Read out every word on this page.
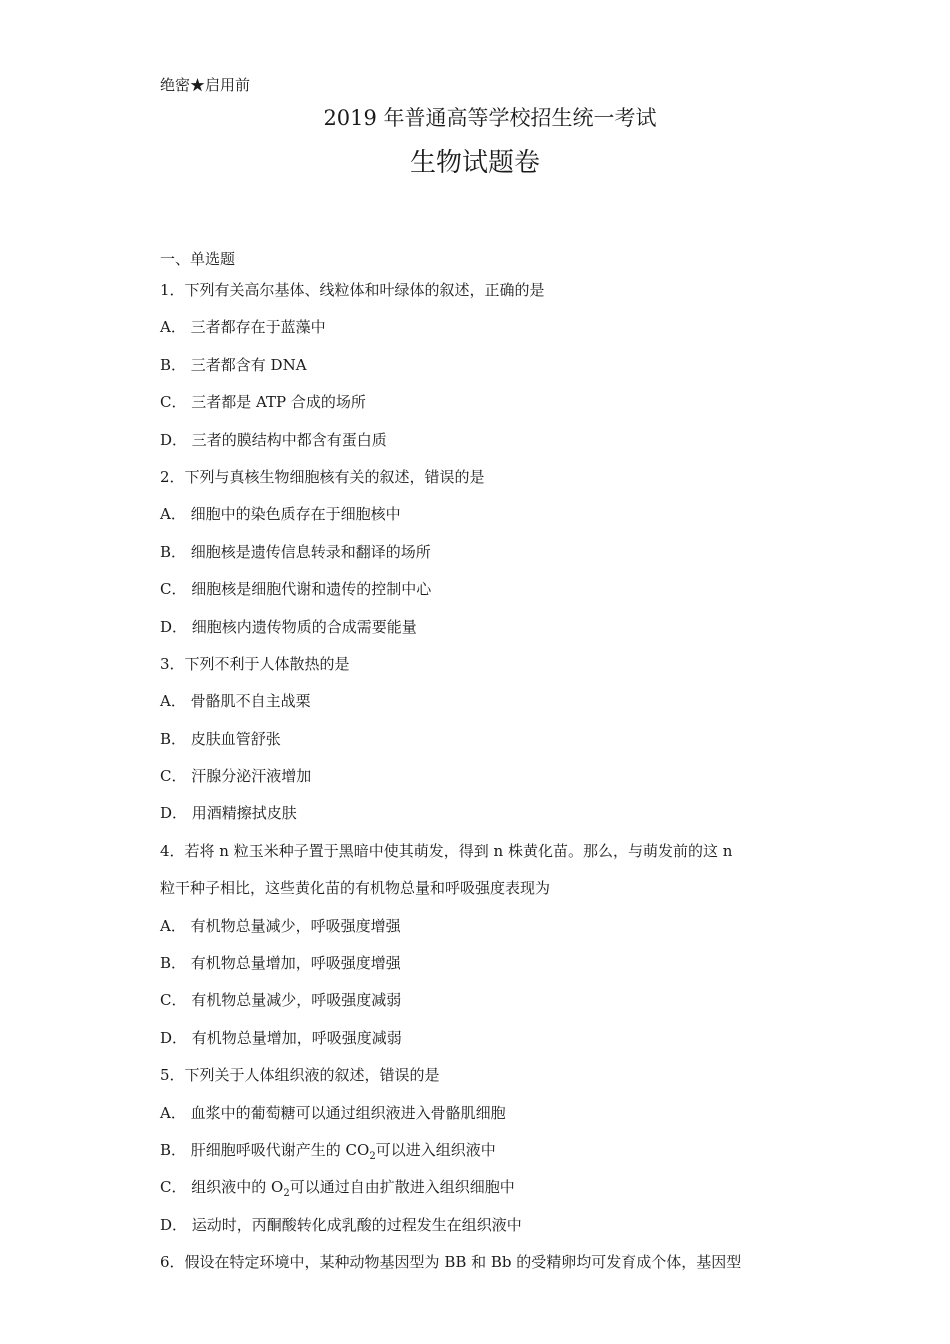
绝密★启用前
2019 年普通高等学校招生统一考试
生物试题卷
一、单选题
1．下列有关高尔基体、线粒体和叶绿体的叙述，正确的是
A． 三者都存在于蓝藻中
B． 三者都含有 DNA
C． 三者都是 ATP 合成的场所
D． 三者的膜结构中都含有蛋白质
2．下列与真核生物细胞核有关的叙述，错误的是
A． 细胞中的染色质存在于细胞核中
B． 细胞核是遗传信息转录和翻译的场所
C． 细胞核是细胞代谢和遗传的控制中心
D． 细胞核内遗传物质的合成需要能量
3．下列不利于人体散热的是
A． 骨骼肌不自主战栗
B． 皮肤血管舒张
C． 汗腺分泌汗液增加
D． 用酒精擦拭皮肤
4．若将 n 粒玉米种子置于黑暗中使其萌发，得到 n 株黄化苗。那么，与萌发前的这 n
粒干种子相比，这些黄化苗的有机物总量和呼吸强度表现为
A． 有机物总量减少，呼吸强度增强
B． 有机物总量增加，呼吸强度增强
C． 有机物总量减少，呼吸强度减弱
D． 有机物总量增加，呼吸强度减弱
5．下列关于人体组织液的叙述，错误的是
A． 血浆中的葡萄糖可以通过组织液进入骨骼肌细胞
B． 肝细胞呼吸代谢产生的 $CO_2$可以进入组织液中
C． 组织液中的 $O_2$可以通过自由扩散进入组织细胞中
D． 运动时，丙酮酸转化成乳酸的过程发生在组织液中
6．假设在特定环境中，某种动物基因型为 BB 和 Bb 的受精卵均可发育成个体，基因型
